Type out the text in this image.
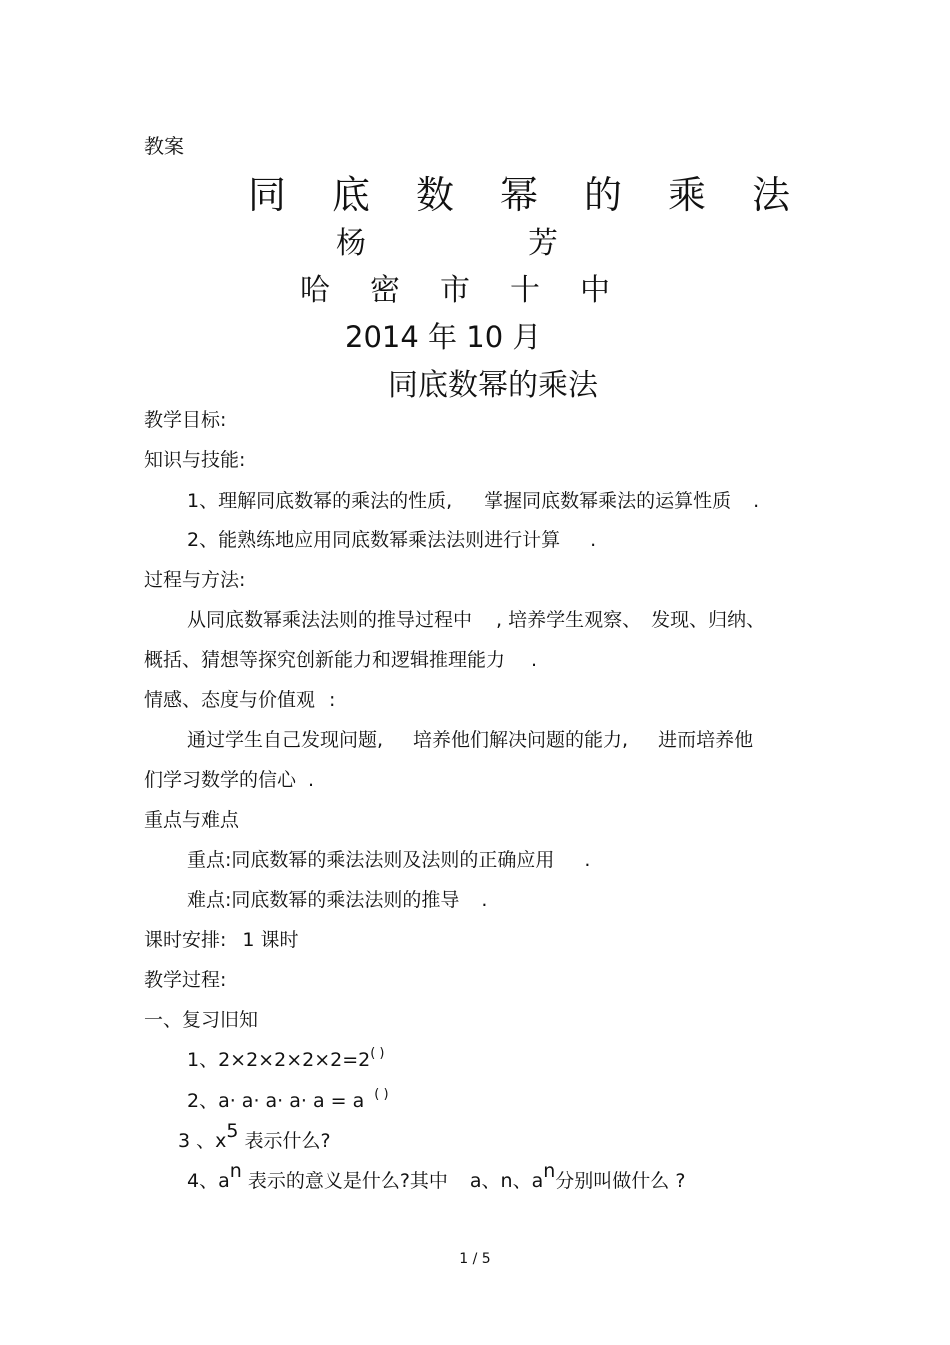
教案
同底数幂的乘法
杨芳
哈密市十中
2014 年 10 月
同底数幂的乘法
教学目标:
知识与技能:
1、理解同底数幂的乘法的性质, 掌握同底数幂乘法的运算性质 .
2、能熟练地应用同底数幂乘法法则进行计算 .
过程与方法:
从同底数幂乘法法则的推导过程中 , 培养学生观察、 发现、归纳、
概括、猜想等探究创新能力和逻辑推理能力 .
情感、态度与价值观 :
通过学生自己发现问题, 培养他们解决问题的能力, 进而培养他
们学习数学的信心 .
重点与难点
重点:同底数幂的乘法法则及法则的正确应用 .
难点:同底数幂的乘法法则的推导 .
课时安排: 1 课时
教学过程:
一、复习旧知
1、2×2×2×2×2=2( )
2、a· a· a· a· a = a ( )
3 、$x^5$ 表示什么?
4、$a^n$ 表示的意义是什么?其中 a、n、$a^n$分别叫做什么 ?
1 / 5
